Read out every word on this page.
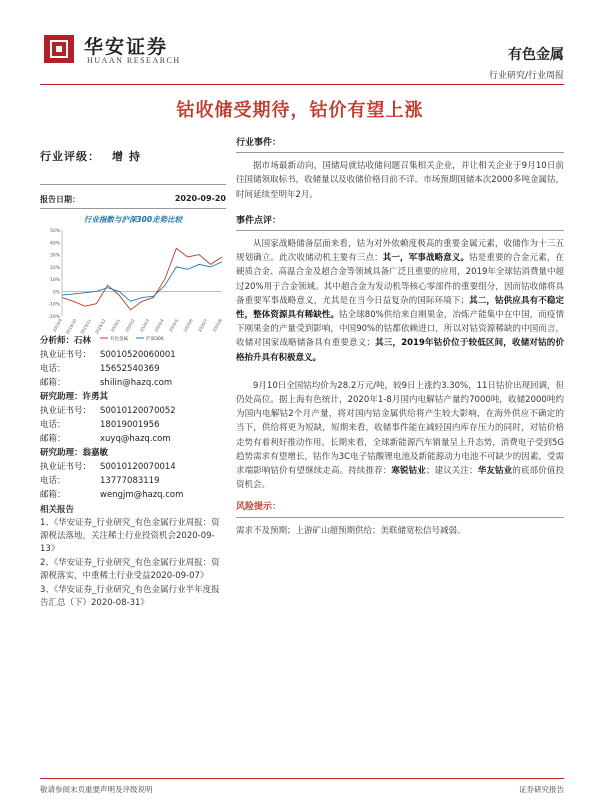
华安证券
HUAAN RESEARCH	有色金属
行业研究/行业周报
钴收储受期待，钴价有望上涨
行业评级： 增持
报告日期：	2020-09-20
行业指数与沪深300走势比较
50%
40%
30%
20%
10%
0%
-10%
-20%
2019/9 2019/10 2019/11 2019/12 2020/1 2020/2 2020/3 2020/4 2020/5 2020/6 2020/7 2020/8
有色金属	沪深300
分析师：石林
执业证书号：	S0010520060001
电话：	15652540369
邮箱：	shilin@hazq.com
研究助理：许勇其
执业证书号：	S0010120070052
电话：	18019001956
邮箱：	xuyq@hazq.com
研究助理：翁嘉敏
执业证书号：	S0010120070014
电话：	13777083119
邮箱：	wengjm@hazq.com
相关报告
1、《华安证券_行业研究_有色金属行业周报：资源税法落地，关注稀土行业投资机会2020-09-13》
2、《华安证券_行业研究_有色金属行业周报：资源税落实，中重稀土行业受益2020-09-07》
3、《华安证券_行业研究_有色金属行业半年度报告汇总（下）2020-08-31》
行业事件：
据市场最新动向，国储局就钴收储问题召集相关企业，并让相关企业于9月10日前往国储领取标书，收储量以及收储价格目前不详。市场预期国储本次2000多吨金属钴，时间延续至明年2月。
事件点评：
从国家战略储备层面来看，钴为对外依赖度极高的重要金属元素，收储作为十三五规划确立。此次收储动机主要有三点：其一，军事战略意义。钴是重要的合金元素，在硬质合金、高温合金及超合金等领域具备广泛且重要的应用，2019年全球钴消费量中超过20%用于合金领域。其中超合金为发动机等核心零部件的重要组分，因而钴收储将具备重要军事战略意义，尤其是在当今日益复杂的国际环境下；其二，钴供应具有不稳定性，整体资源具有稀缺性。钴全球80%供给来自刚果金，冶炼产能集中在中国，而疫情下刚果金的产量受到影响，中国90%的钴都依赖进口，所以对钴资源稀缺的中国而言，收储对国家战略储备具有重要意义；其三，2019年钴价位于较低区间，收储对钴的价格抬升具有积极意义。
9月10日全国钴均价为28.2万元/吨，较9日上涨约3.30%，11日钴价出现回调，但仍处高位。据上海有色统计，2020年1-8月国内电解钴产量约7000吨，收储2000吨约为国内电解钴2个月产量，将对国内钴金属供给将产生较大影响，在海外供应不确定的当下，供给将更为短缺，短期来看，收储事件能在减轻国内库存压力的同时，对钴价格走势有着利好推动作用。长期来看，全球新能源汽车销量呈上升态势，消费电子受到5G趋势需求有望增长，钴作为3C电子钴酸锂电池及新能源动力电池不可缺少的因素，受需求端影响钴价有望继续走高。持续推荐：寒锐钴业；建议关注：华友钴业的底部价值投资机会。
风险提示：
需求不及预期；上游矿山超预期供给；美联储宽松信号减弱。
敬请参阅末页重要声明及评级说明	证券研究报告
